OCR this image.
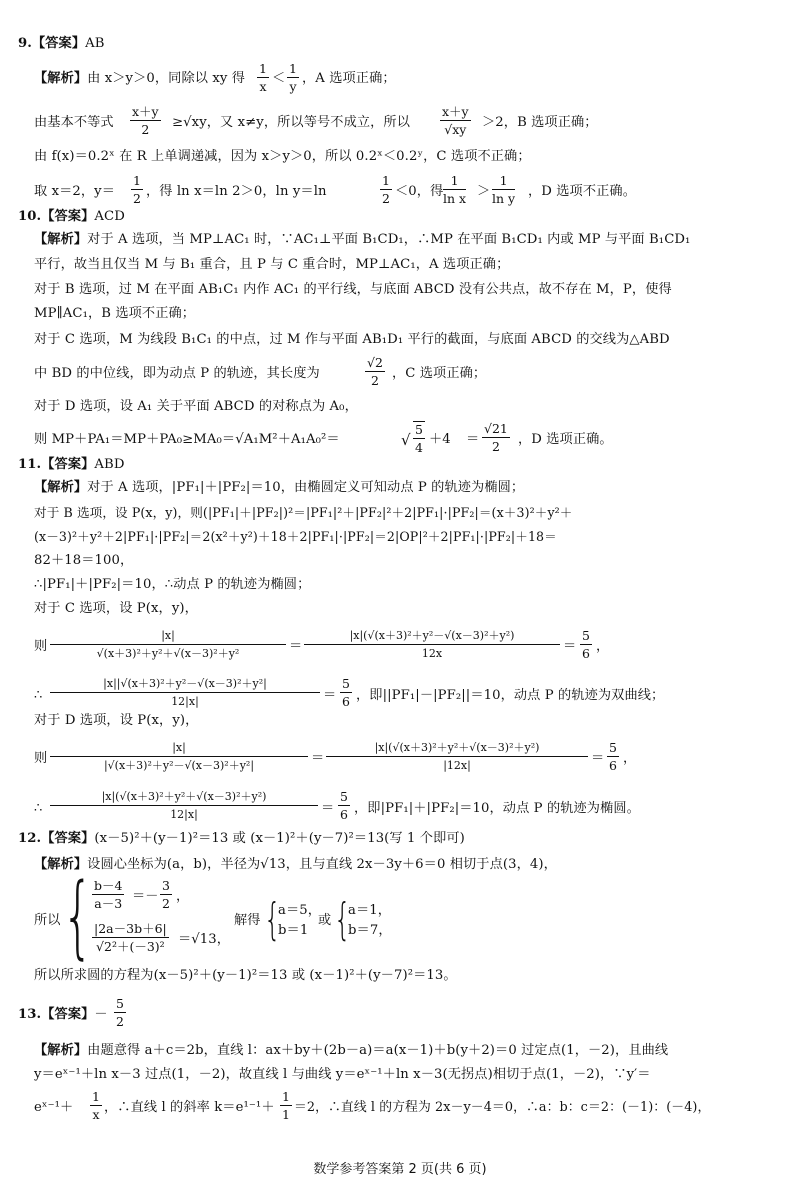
9.【答案】AB
【解析】由 x＞y＞0，同除以 xy 得 $\frac{1}{x} < \frac{1}{y}$ ，A 选项正确；
由基本不等式 $\frac{x+y}{2} \ge√xy$，又 x≠y，所以等号不成立，所以 $\frac{x+y}{√xy} >2$，B 选项正确；
由 f(x)＝0.2ˣ 在 R 上单调递减，因为 x＞y＞0，所以 0.2ˣ＜0.2ʸ，C 选项不正确；
取 x＝2，$y= \frac{1}{2}$ ，得 ln x＝ln 2＞0，ln y＝ln	$\frac{1}{2} <0$，得 $\frac{1}{\text{ln x}} > \frac{1}{\text{ln y}}$ ，D 选项不正确。
10.【答案】ACD
【解析】对于 A 选项，当 MP⊥AC₁ 时，∵AC₁⊥平面 B₁CD₁，∴MP 在平面 B₁CD₁ 内或 MP 与平面 B₁CD₁
平行，故当且仅当 M 与 B₁ 重合，且 P 与 C 重合时，MP⊥AC₁，A 选项正确；
对于 B 选项，过 M 在平面 AB₁C₁ 内作 AC₁ 的平行线，与底面 ABCD 没有公共点，故不存在 M，P，使得
MP∥AC₁，B 选项不正确；
对于 C 选项，M 为线段 B₁C₁ 的中点，过 M 作与平面 AB₁D₁ 平行的截面，与底面 ABCD 的交线为△ABD
中 BD 的中位线，即为动点 P 的轨迹，其长度为	$\frac{√2}{2}$ ，C 选项正确；
对于 D 选项，设 A₁ 关于平面 ABCD 的对称点为 A₀，
则 MP＋PA₁＝MP＋PA₀≥MA₀＝√A₁M²＋A₁A₀²＝	√ $\frac{5}{4} +4 = \frac{√21}{2}$ ，D 选项正确。
11.【答案】ABD
【解析】对于 A 选项，|PF₁|＋|PF₂|＝10，由椭圆定义可知动点 P 的轨迹为椭圆；
对于 B 选项，设 P(x，y)，则(|PF₁|＋|PF₂|)²＝|PF₁|²＋|PF₂|²＋2|PF₁|·|PF₂|＝(x＋3)²＋y²＋
(x－3)²＋y²＋2|PF₁|·|PF₂|＝2(x²＋y²)＋18＋2|PF₁|·|PF₂|＝2|OP|²＋2|PF₁|·|PF₂|＋18＝
82＋18＝100，
∴|PF₁|＋|PF₂|＝10，∴动点 P 的轨迹为椭圆；
对于 C 选项，设 P(x，y)，
则 $\frac{|x|}{\text{√(x＋3)²＋y²＋√(x－3)²＋y²}} = \frac{\text{|x|(√(x＋3)²＋y²－√(x－3)²＋y²)}}{12x} = \frac{5}{6}$ ，
∴ $\frac{\text{|x||√(x＋3)²＋y²－√(x－3)²＋y²|}}{12|x|} = \frac{5}{6}$ ，即||PF₁|－|PF₂||＝10，动点 P 的轨迹为双曲线；
对于 D 选项，设 P(x，y)，
则 $\frac{|x|}{\text{|√(x＋3)²＋y²－√(x－3)²＋y²|}} = \frac{\text{|x|(√(x＋3)²＋y²＋√(x－3)²＋y²)}}{|12x|} = \frac{5}{6}$ ，
∴ $\frac{\text{|x|(√(x＋3)²＋y²＋√(x－3)²＋y²)}}{12|x|} = \frac{5}{6}$ ，即|PF₁|＋|PF₂|＝10，动点 P 的轨迹为椭圆。
12.【答案】(x－5)²＋(y－1)²＝13 或 (x－1)²＋(y－7)²＝13(写 1 个即可)
【解析】设圆心坐标为(a，b)，半径为√13，且与直线 2x－3y＋6＝0 相切于点(3，4)，
所以 {
$\frac{b-4}{a-3} =- \frac{3}{2}$ ，
$\frac{|2a-3b+6|}{\text{√2²＋(－3)²}} =√13$，
解得 {
a＝5，
b＝1
或 {
a＝1，
b＝7，
所以所求圆的方程为(x－5)²＋(y－1)²＝13 或 (x－1)²＋(y－7)²＝13。
13.【答案】－ $\frac{5}{2}$
【解析】由题意得 a＋c＝2b，直线 l：ax＋by＋(2b－a)＝a(x－1)＋b(y＋2)＝0 过定点(1，－2)，且曲线
y＝eˣ⁻¹＋ln x－3 过点(1，－2)，故直线 l 与曲线 y＝eˣ⁻¹＋ln x－3(无拐点)相切于点(1，－2)，∵y′＝
eˣ⁻¹＋ $\frac{1}{x}$ ，∴直线 l 的斜率 $k=e^{1-1}+ \frac{1}{1} =2$，∴直线 l 的方程为 2x－y－4＝0，∴a：b：c＝2：(－1)：(－4)，
数学参考答案第 2 页(共 6 页)
